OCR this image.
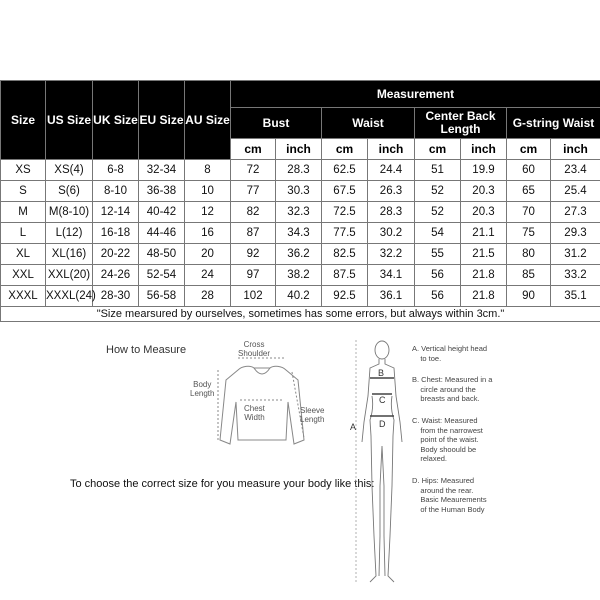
Size	US Size	UK Size	EU Size	AU Size	Measurement							
					Bust		Waist		Center Back Length		G-string Waist	
					cm	inch	cm	inch	cm	inch	cm	inch
XS	XS(4)	6-8	32-34	8	72	28.3	62.5	24.4	51	19.9	60	23.4
S	S(6)	8-10	36-38	10	77	30.3	67.5	26.3	52	20.3	65	25.4
M	M(8-10)	12-14	40-42	12	82	32.3	72.5	28.3	52	20.3	70	27.3
L	L(12)	16-18	44-46	16	87	34.3	77.5	30.2	54	21.1	75	29.3
XL	XL(16)	20-22	48-50	20	92	36.2	82.5	32.2	55	21.5	80	31.2
XXL	XXL(20)	24-26	52-54	24	97	38.2	87.5	34.1	56	21.8	85	33.2
XXXL	XXXL(24)	28-30	56-58	28	102	40.2	92.5	36.1	56	21.8	90	35.1
"Size mearsured by ourselves, sometimes has some errors, but always within 3cm."												
How to Measure	Cross
Shoulder
Body
Length
Chest
Width
Sleeve
Length
To choose the correct size for you measure your body like this:
A
B
C
D
A. Vertical height head
to toe.
B. Chest: Measured in a
circle around the
breasts and back.
C. Waist: Measured
from the narrowest
point of the waist.
Body shoould be
relaxed.
D. Hips: Measured
around the rear.
Basic Meaurements
of the Human Body
